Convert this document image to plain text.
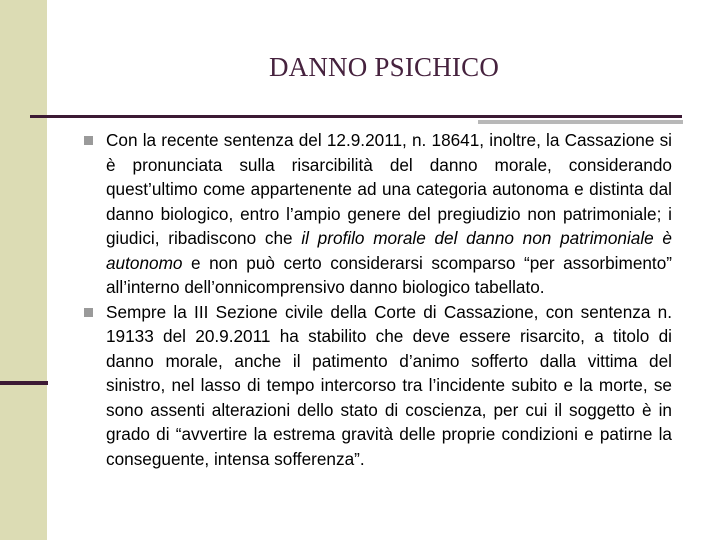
DANNO PSICHICO

Con la recente sentenza del 12.9.2011, n. 18641, inoltre, la Cassazione si è pronunciata sulla risarcibilità del danno morale, considerando quest’ultimo come appartenente ad una categoria autonoma e distinta dal danno biologico, entro l’ampio genere del pregiudizio non patrimoniale; i giudici, ribadiscono che il profilo morale del danno non patrimoniale è autonomo e non può certo considerarsi scomparso “per assorbimento” all’interno dell’onnicomprensivo danno biologico tabellato.

Sempre la III Sezione civile della Corte di Cassazione, con sentenza n. 19133 del 20.9.2011 ha stabilito che deve essere risarcito, a titolo di danno morale, anche il patimento d’animo sofferto dalla vittima del sinistro, nel lasso di tempo intercorso tra l’incidente subito e la morte, se sono assenti alterazioni dello stato di coscienza, per cui il soggetto è in grado di “avvertire la estrema gravità delle proprie condizioni e patirne la conseguente, intensa sofferenza”.
